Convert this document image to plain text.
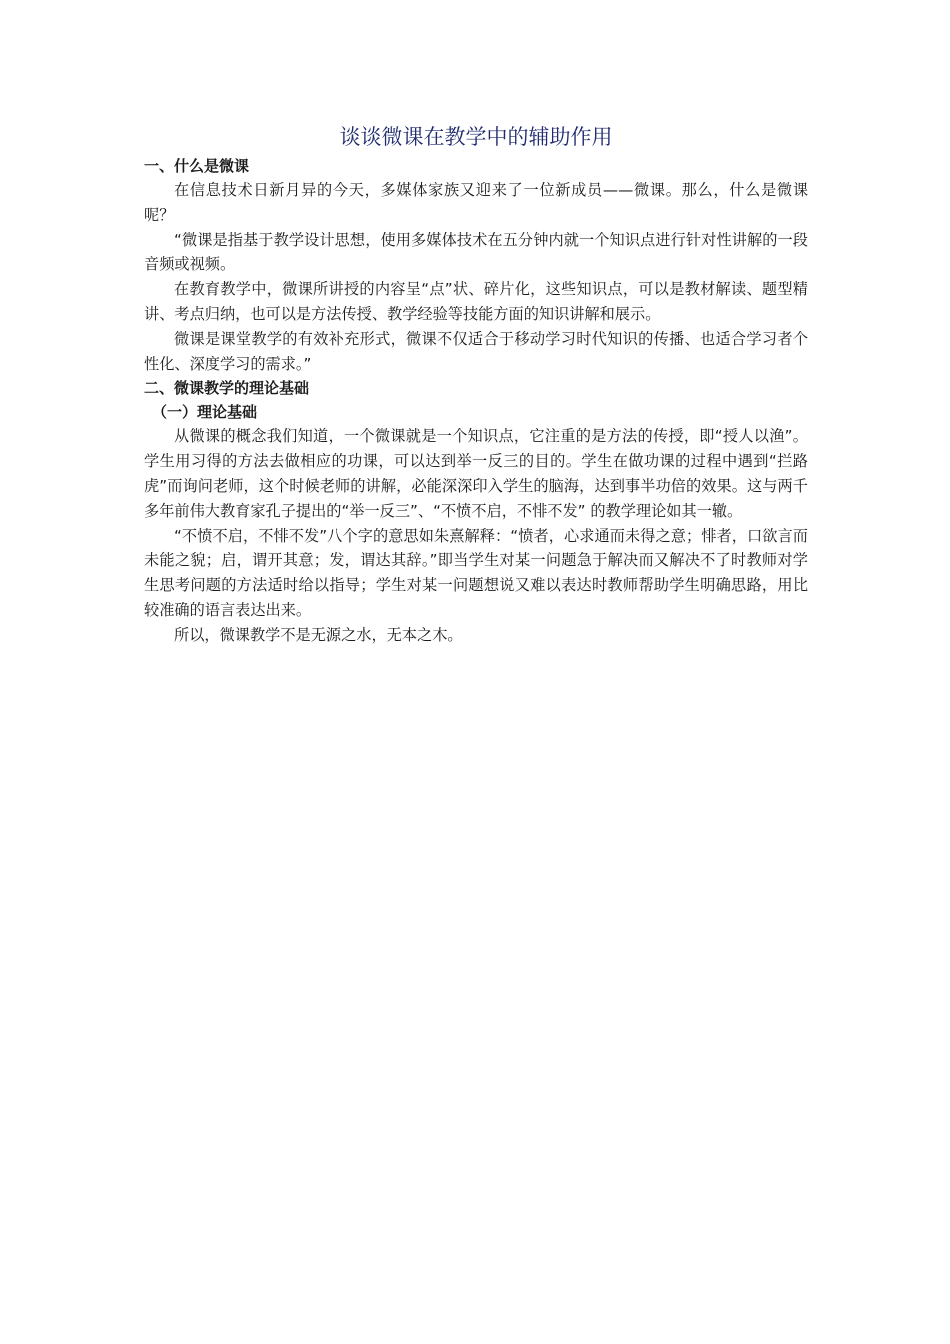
谈谈微课在教学中的辅助作用
一、什么是微课

在信息技术日新月异的今天，多媒体家族又迎来了一位新成员——微课。那么，什么是微课呢？

“微课是指基于教学设计思想，使用多媒体技术在五分钟内就一个知识点进行针对性讲解的一段音频或视频。

在教育教学中，微课所讲授的内容呈“点”状、碎片化，这些知识点，可以是教材解读、题型精讲、考点归纳，也可以是方法传授、教学经验等技能方面的知识讲解和展示。

微课是课堂教学的有效补充形式，微课不仅适合于移动学习时代知识的传播、也适合学习者个性化、深度学习的需求。”

二、微课教学的理论基础
（一）理论基础

从微课的概念我们知道，一个微课就是一个知识点，它注重的是方法的传授，即“授人以渔”。学生用习得的方法去做相应的功课，可以达到举一反三的目的。学生在做功课的过程中遇到“拦路虎”而询问老师，这个时候老师的讲解，必能深深印入学生的脑海，达到事半功倍的效果。这与两千多年前伟大教育家孔子提出的“举一反三”、“不愤不启，不悱不发” 的教学理论如其一辙。

“不愤不启，不悱不发”八个字的意思如朱熹解释：“愤者，心求通而未得之意；悱者，口欲言而未能之貌；启，谓开其意；发，谓达其辞。”即当学生对某一问题急于解决而又解决不了时教师对学生思考问题的方法适时给以指导；学生对某一问题想说又难以表达时教师帮助学生明确思路，用比较准确的语言表达出来。

所以，微课教学不是无源之水，无本之木。
